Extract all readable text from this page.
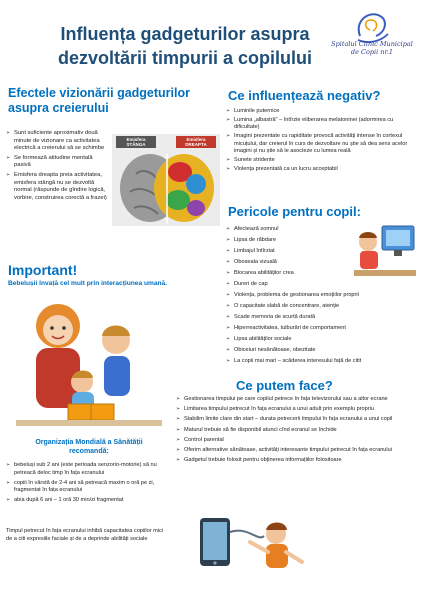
Influența gadgeturilor asupra
dezvoltării timpurii a copilului
Spitalul Clinic Municipal
de Copii nr.1
Efectele vizionării gadgeturilor
asupra creierului
➢ Sunt suficiente aproximativ două minute de vizionare ca activitatea electrică a creierului să se schimbe
➢ Se formează atitudine mentală pasivă
➢ Emisfera dreapta preia activitatea, emisfera stângă nu se dezvoltă normal (răspunde de gîndire logică, vorbire, construirea corectă a frazei)
Emisfera
STÂNGA
Emisfera
DREAPTA
Ce influențează negativ?
➢ Luminile puternice
➢ Lumina „albastră” – întîrzie eliberarea melatoninei (adormirea cu dificultate)
➢ Imagini prezentate cu rapiditate provocă activități intense în cortexul micuțului, dar creierul în curs de dezvoltare nu știe să dea sens acelor imagini și nu știe să le asocieze cu lumea reală
➢ Sunete stridente
➢ Violența prezentată ca un lucru acceptabil
Pericole pentru copil:
➢ Afectează somnul
➢ Lipsa de răbdare
➢ Limbajul întîrziat
➢ Oboseala vizuală
➢ Blocarea abilităților crea
➢ Dureri de cap
➢ Violența, problema de gestionarea emoțiilor proprii
➢ O capacitate slabă de concentrare, atenție
➢ Scade memoria de scurtă durată
➢ Hiperreactivitatea, tulburări de comportament
➢ Lipsa abilităților sociale
➢ Obiceiuri nesănătoase, obezitate
➢ La copii mai mari – scăderea interesului față de citit
Important!
Bebelușii învață cel mult prin interacțiunea umană.
Ce putem face?
➢ Gestionarea timpului pe care copilul petrece în fața televizorului sau a altor ecrane
➢ Limitarea timpului petrecut în fața ecranului a unui adult prin exemplu propriu
➢ Stabilim limite clare din start – durata petrecerii timpului în fața ecranului a unui copil
➢ Maturul trebuie să fie disponibil atunci cînd ecranul se închide
➢ Control parental
➢ Oferim alternative sănătoase, activități interesante timpului petrecut în fața ecranului
➢ Gadgetul trebuie folosit pentru obținerea informațiilor folositoare
Organizația Mondială a Sănătății
recomandă:
➢ bebeluși sub 2 ani (este perioada senzorio-motorie) să nu petreacă deloc timp în fața ecranului
➢ copiii în vârstă de 2-4 ani să petreacă maxim o oră pe zi, fragmentat în fața ecranului
➢ abia după 6 ani – 1 oră 30 min/zi fragmentat
Timpul petrecut în fața ecranului inhibă capacitatea copiilor mici de a citi expresiile faciale și de a deprinde abilități sociale
